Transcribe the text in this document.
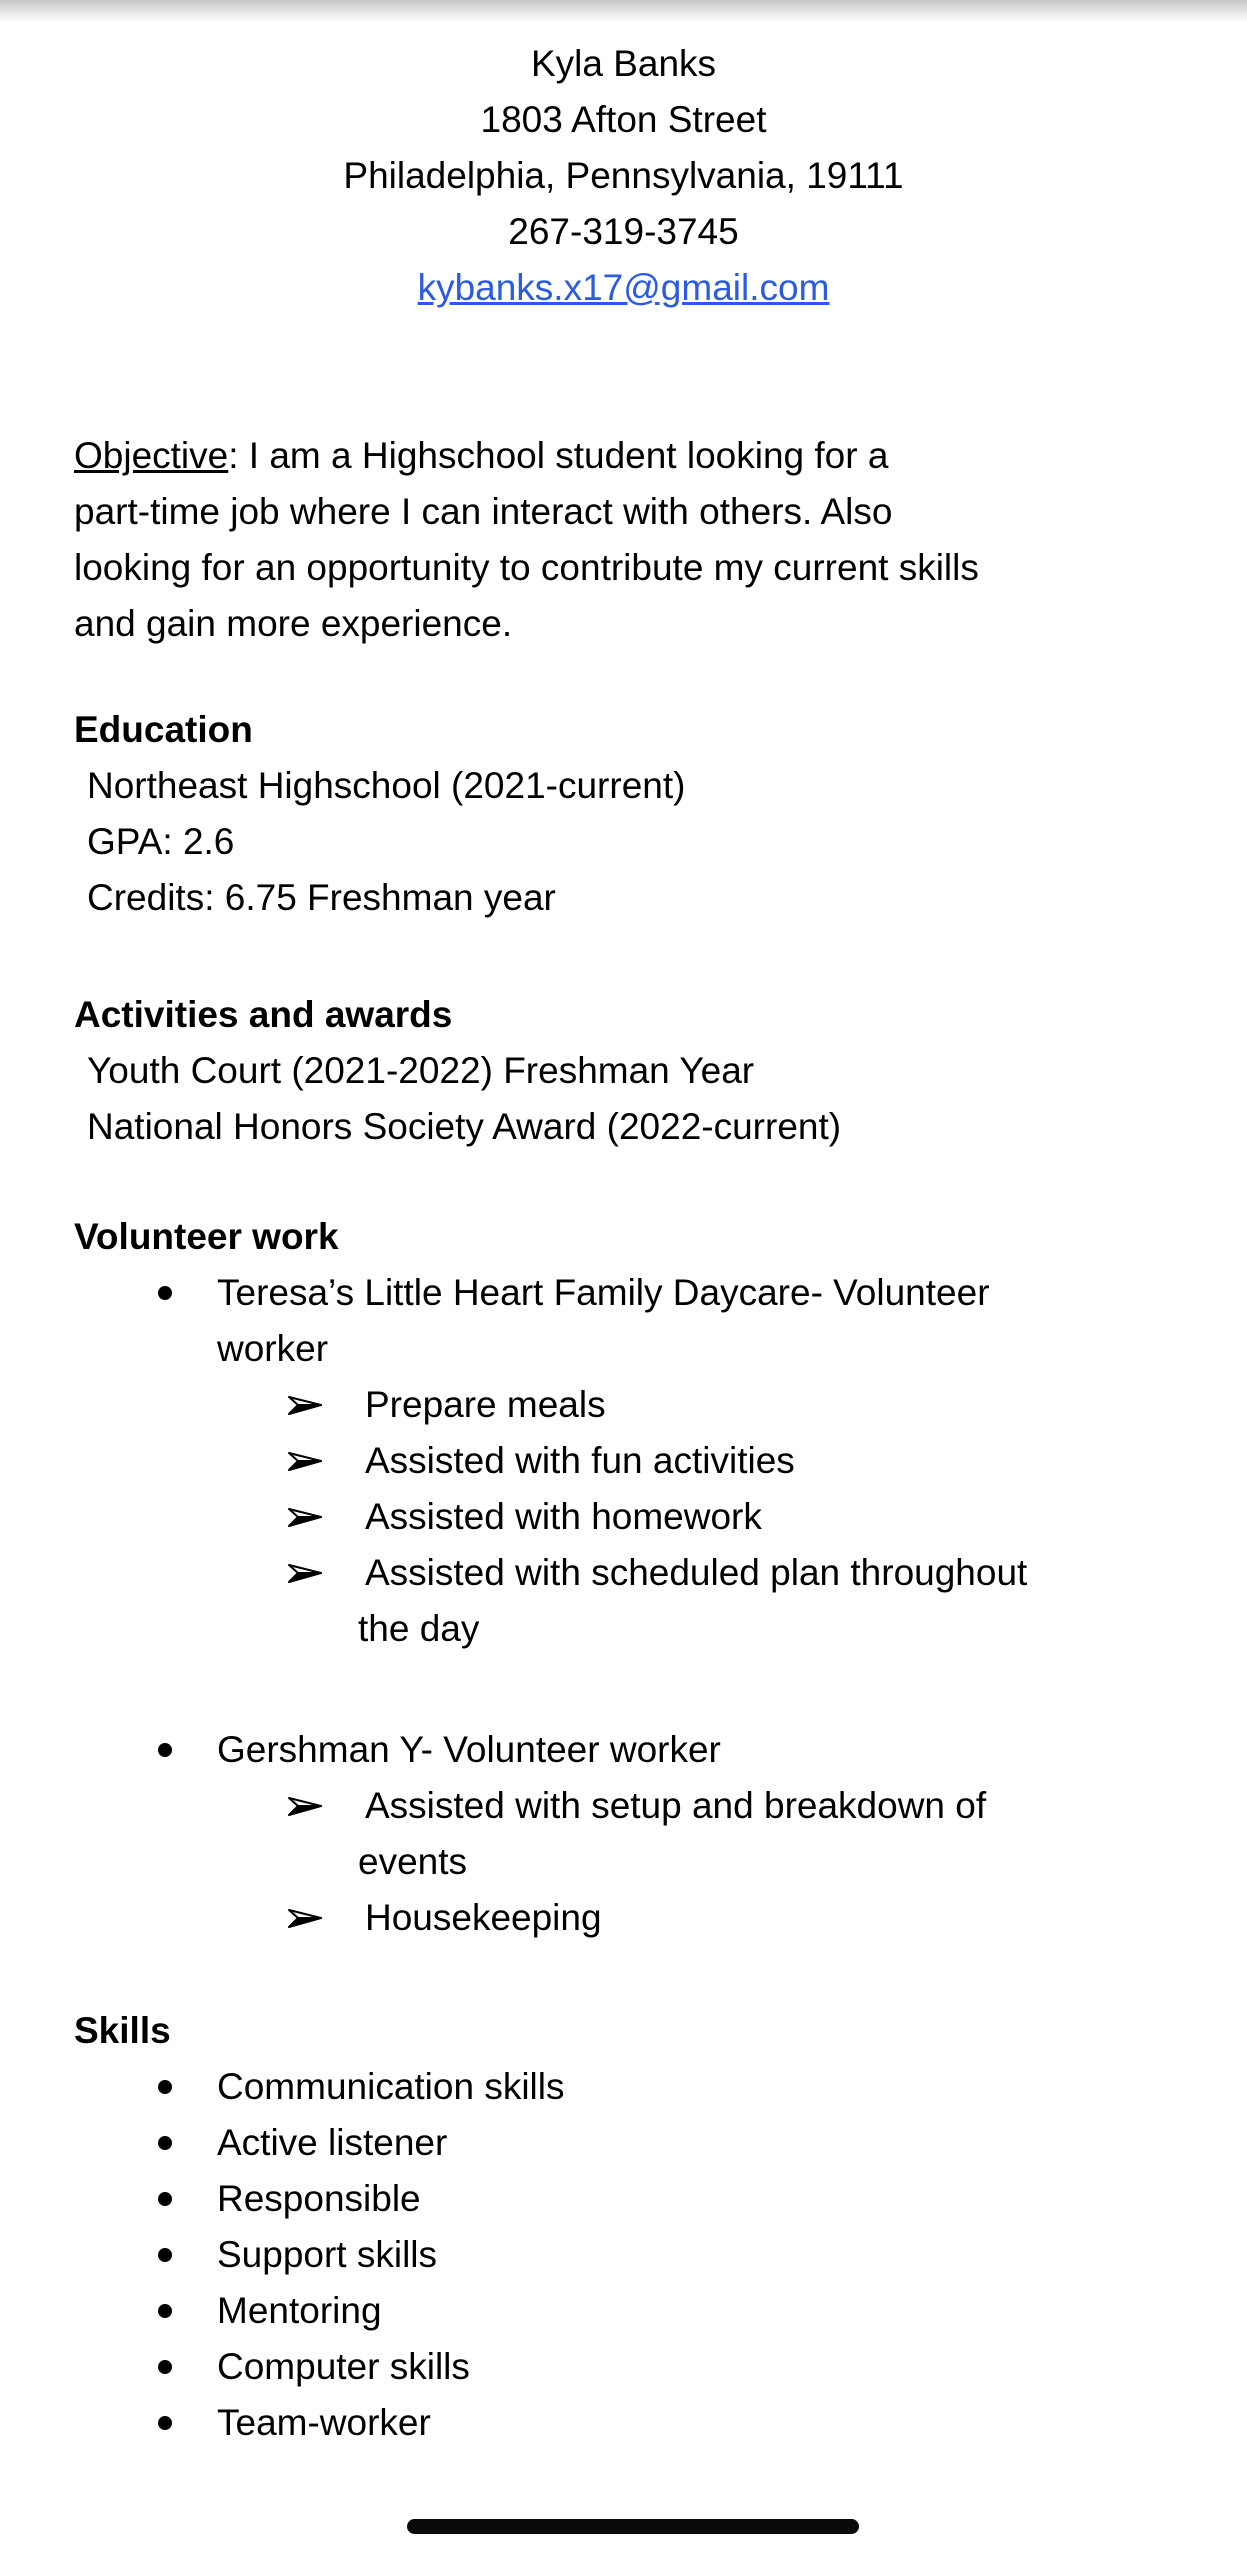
Kyla Banks
1803 Afton Street
Philadelphia, Pennsylvania, 19111
267-319-3745
kybanks.x17@gmail.com
Objective: I am a Highschool student looking for a
part-time job where I can interact with others. Also
looking for an opportunity to contribute my current skills
and gain more experience.
Education
Northeast Highschool (2021-current)
GPA: 2.6
Credits: 6.75 Freshman year
Activities and awards
Youth Court (2021-2022) Freshman Year
National Honors Society Award (2022-current)
Volunteer work
Teresa’s Little Heart Family Daycare- Volunteer
worker
Prepare meals
Assisted with fun activities
Assisted with homework
Assisted with scheduled plan throughout
the day
Gershman Y- Volunteer worker
Assisted with setup and breakdown of
events
Housekeeping
Skills
Communication skills
Active listener
Responsible
Support skills
Mentoring
Computer skills
Team-worker
